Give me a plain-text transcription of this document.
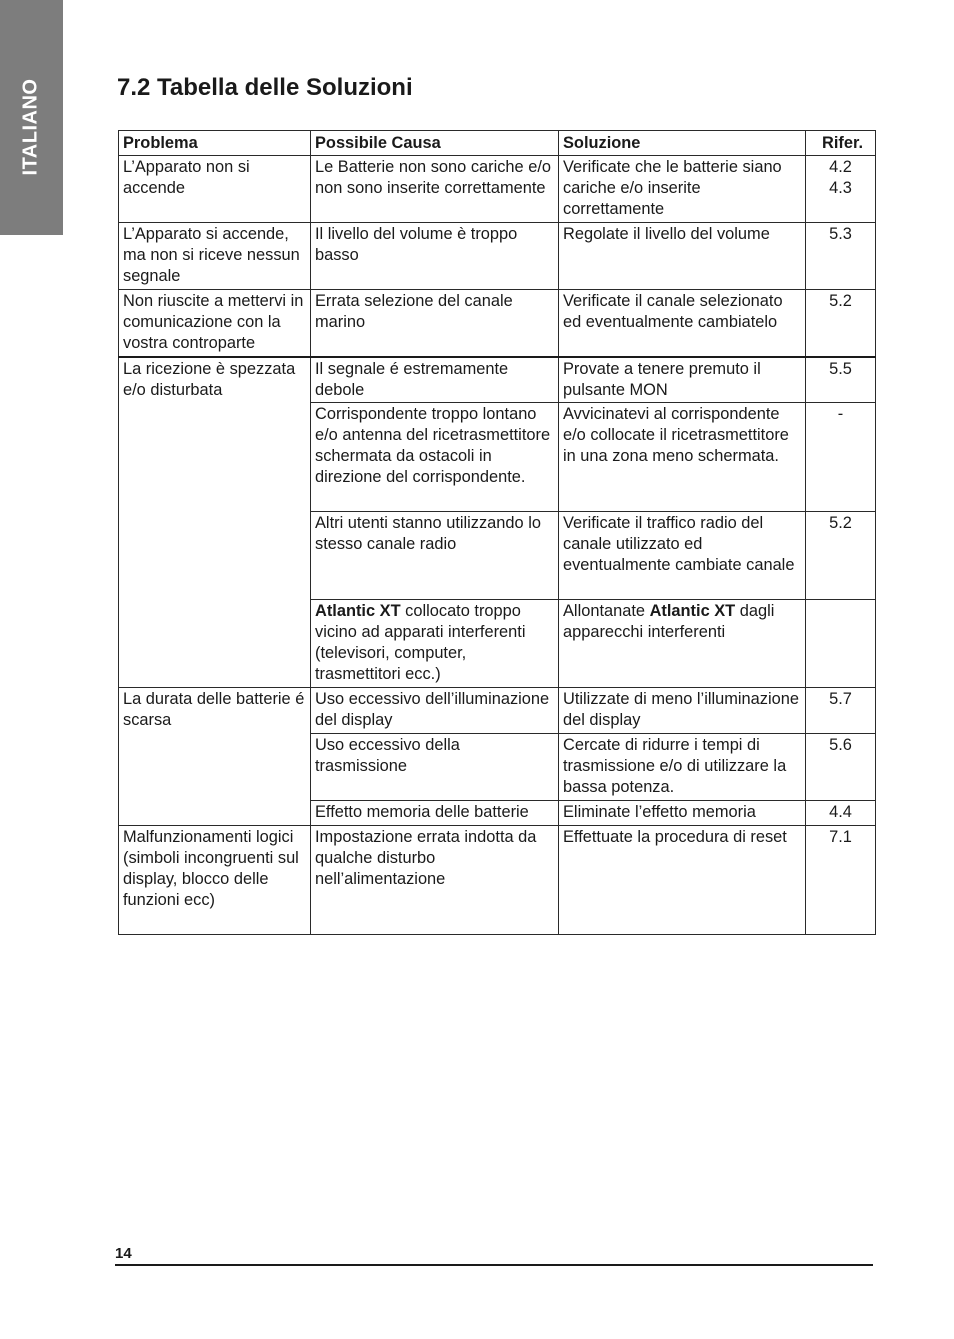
ITALIANO	7.2 Tabella delle Soluzioni
Problema	Possibile Causa	Soluzione	Rifer.
L’Apparato non si accende	Le Batterie non sono cariche e/o non sono inserite correttamente	Verificate che le batterie siano cariche e/o inserite correttamente	4.2
4.3

L’Apparato si accende, ma non si riceve nessun segnale	Il livello del volume è troppo basso	Regolate il livello del volume	5.3
Non riuscite a mettervi in comunicazione con la vostra controparte	Errata selezione del canale marino	Verificate il canale selezionato ed eventualmente cambiatelo	5.2
La ricezione è spezzata e/o disturbata	Il segnale é estremamente debole	Provate a tenere premuto il pulsante MON	5.5
	Corrispondente troppo lontano e/o antenna del ricetrasmettitore schermata da ostacoli in direzione del corrispondente.	Avvicinatevi al corrispondente e/o collocate il ricetrasmettitore in una zona meno schermata.	-
	Altri utenti stanno utilizzando lo stesso canale radio	Verificate il traffico radio del canale utilizzato ed eventualmente cambiate canale	5.2
	Atlantic XT collocato troppo vicino ad apparati interferenti (televisori, computer, trasmettitori ecc.)	Allontanate Atlantic XT dagli apparecchi interferenti	
La durata delle batterie é scarsa	Uso eccessivo dell’illuminazione del display	Utilizzate di meno l’illuminazione del display	5.7
	Uso eccessivo della trasmissione	Cercate di ridurre i tempi di trasmissione e/o di utilizzare la bassa potenza.	5.6
	Effetto memoria delle batterie	Eliminate l’effetto memoria	4.4
Malfunzionamenti logici (simboli incongruenti sul display, blocco delle funzioni ecc)	Impostazione errata indotta da qualche disturbo nell’alimentazione	Effettuate la procedura di reset	7.1
14
